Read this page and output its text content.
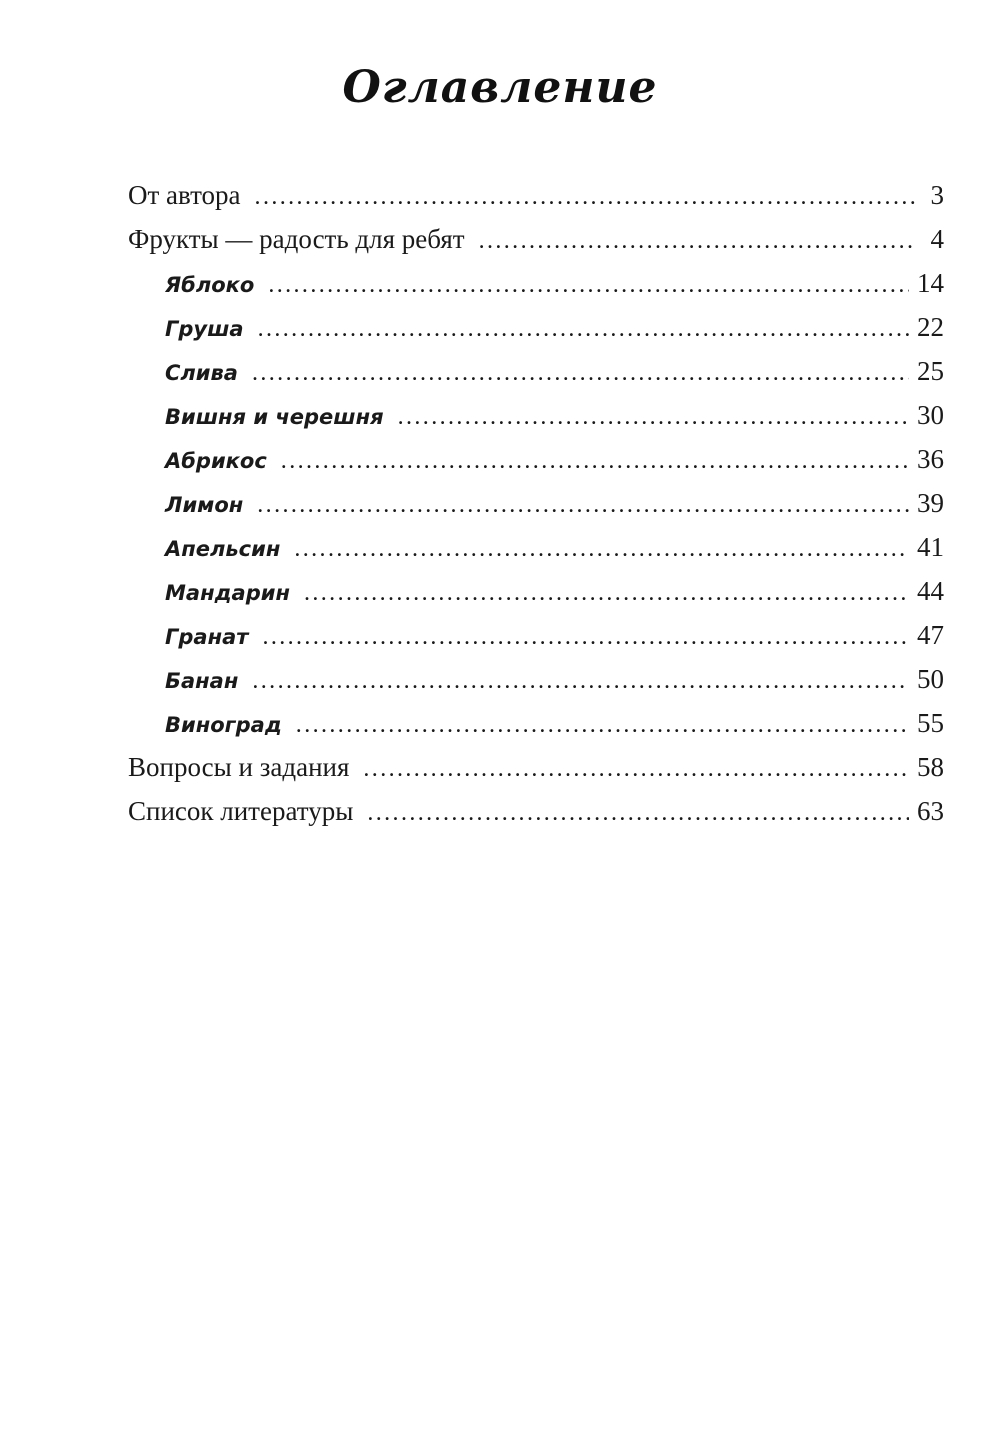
Оглавление
От автора .....	3
Фрукты — радость для ребят .....	4
Яблоко .....	14
Груша .....	22
Слива .....	25
Вишня и черешня .....	30
Абрикос .....	36
Лимон .....	39
Апельсин .....	41
Мандарин .....	44
Гранат .....	47
Банан .....	50
Виноград .....	55
Вопросы и задания .....	58
Список литературы .....	63
